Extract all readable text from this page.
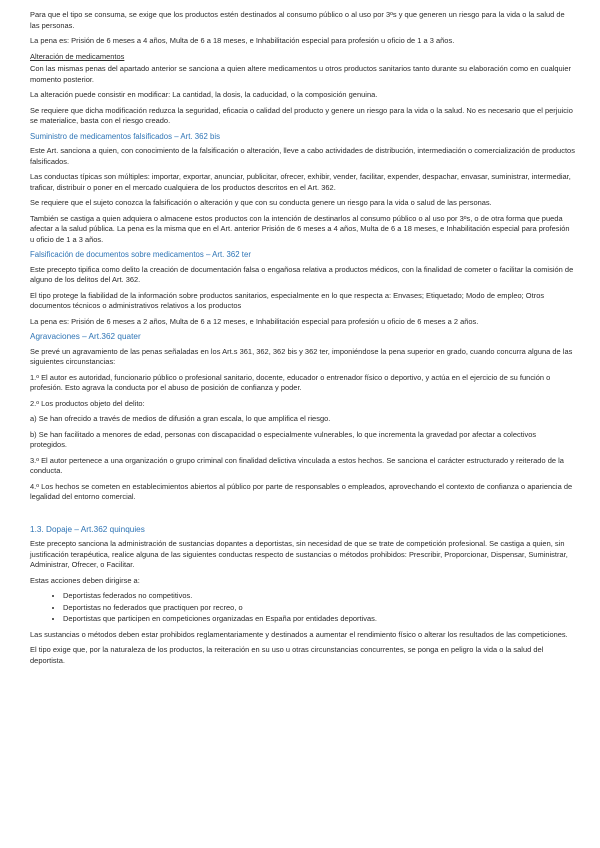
Para que el tipo se consuma, se exige que los productos estén destinados al consumo público o al uso por 3ºs y que generen un riesgo para la vida o la salud de las personas.

La pena es: Prisión de 6 meses a 4 años, Multa de 6 a 18 meses, e Inhabilitación especial para profesión u oficio de 1 a 3 años.

Alteración de medicamentos

Con las mismas penas del apartado anterior se sanciona a quien altere medicamentos u otros productos sanitarios tanto durante su elaboración como en cualquier momento posterior.

La alteración puede consistir en modificar: La cantidad, la dosis, la caducidad, o la composición genuina.

Se requiere que dicha modificación reduzca la seguridad, eficacia o calidad del producto y genere un riesgo para la vida o la salud. No es necesario que el perjuicio se materialice, basta con el riesgo creado.

Suministro de medicamentos falsificados – Art. 362 bis

Este Art. sanciona a quien, con conocimiento de la falsificación o alteración, lleve a cabo actividades de distribución, intermediación o comercialización de productos falsificados.

Las conductas típicas son múltiples: importar, exportar, anunciar, publicitar, ofrecer, exhibir, vender, facilitar, expender, despachar, envasar, suministrar, intermediar, traficar, distribuir o poner en el mercado cualquiera de los productos descritos en el Art. 362.

Se requiere que el sujeto conozca la falsificación o alteración y que con su conducta genere un riesgo para la vida o salud de las personas.

También se castiga a quien adquiera o almacene estos productos con la intención de destinarlos al consumo público o al uso por 3ºs, o de otra forma que pueda afectar a la salud pública. La pena es la misma que en el Art. anterior Prisión de 6 meses a 4 años, Multa de 6 a 18 meses, e Inhabilitación especial para profesión u oficio de 1 a 3 años.

Falsificación de documentos sobre medicamentos – Art. 362 ter

Este precepto tipifica como delito la creación de documentación falsa o engañosa relativa a productos médicos, con la finalidad de cometer o facilitar la comisión de alguno de los delitos del Art. 362.

El tipo protege la fiabilidad de la información sobre productos sanitarios, especialmente en lo que respecta a: Envases; Etiquetado; Modo de empleo; Otros documentos técnicos o administrativos relativos a los productos

La pena es: Prisión de 6 meses a 2 años, Multa de 6 a 12 meses, e Inhabilitación especial para profesión u oficio de 6 meses a 2 años.

Agravaciones – Art.362 quater

Se prevé un agravamiento de las penas señaladas en los Art.s 361, 362, 362 bis y 362 ter, imponiéndose la pena superior en grado, cuando concurra alguna de las siguientes circunstancias:

1.º El autor es autoridad, funcionario público o profesional sanitario, docente, educador o entrenador físico o deportivo, y actúa en el ejercicio de su función o profesión. Esto agrava la conducta por el abuso de posición de confianza y poder.

2.º Los productos objeto del delito:

a) Se han ofrecido a través de medios de difusión a gran escala, lo que amplifica el riesgo.

b) Se han facilitado a menores de edad, personas con discapacidad o especialmente vulnerables, lo que incrementa la gravedad por afectar a colectivos protegidos.

3.º El autor pertenece a una organización o grupo criminal con finalidad delictiva vinculada a estos hechos. Se sanciona el carácter estructurado y reiterado de la conducta.

4.º Los hechos se cometen en establecimientos abiertos al público por parte de responsables o empleados, aprovechando el contexto de confianza o apariencia de legalidad del entorno comercial.

1.3. Dopaje – Art.362 quinquies

Este precepto sanciona la administración de sustancias dopantes a deportistas, sin necesidad de que se trate de competición profesional. Se castiga a quien, sin justificación terapéutica, realice alguna de las siguientes conductas respecto de sustancias o métodos prohibidos: Prescribir, Proporcionar, Dispensar, Suministrar, Administrar, Ofrecer, o Facilitar.

Estas acciones deben dirigirse a:

• Deportistas federados no competitivos.
• Deportistas no federados que practiquen por recreo, o
• Deportistas que participen en competiciones organizadas en España por entidades deportivas.

Las sustancias o métodos deben estar prohibidos reglamentariamente y destinados a aumentar el rendimiento físico o alterar los resultados de las competiciones.

El tipo exige que, por la naturaleza de los productos, la reiteración en su uso u otras circunstancias concurrentes, se ponga en peligro la vida o la salud del deportista.
